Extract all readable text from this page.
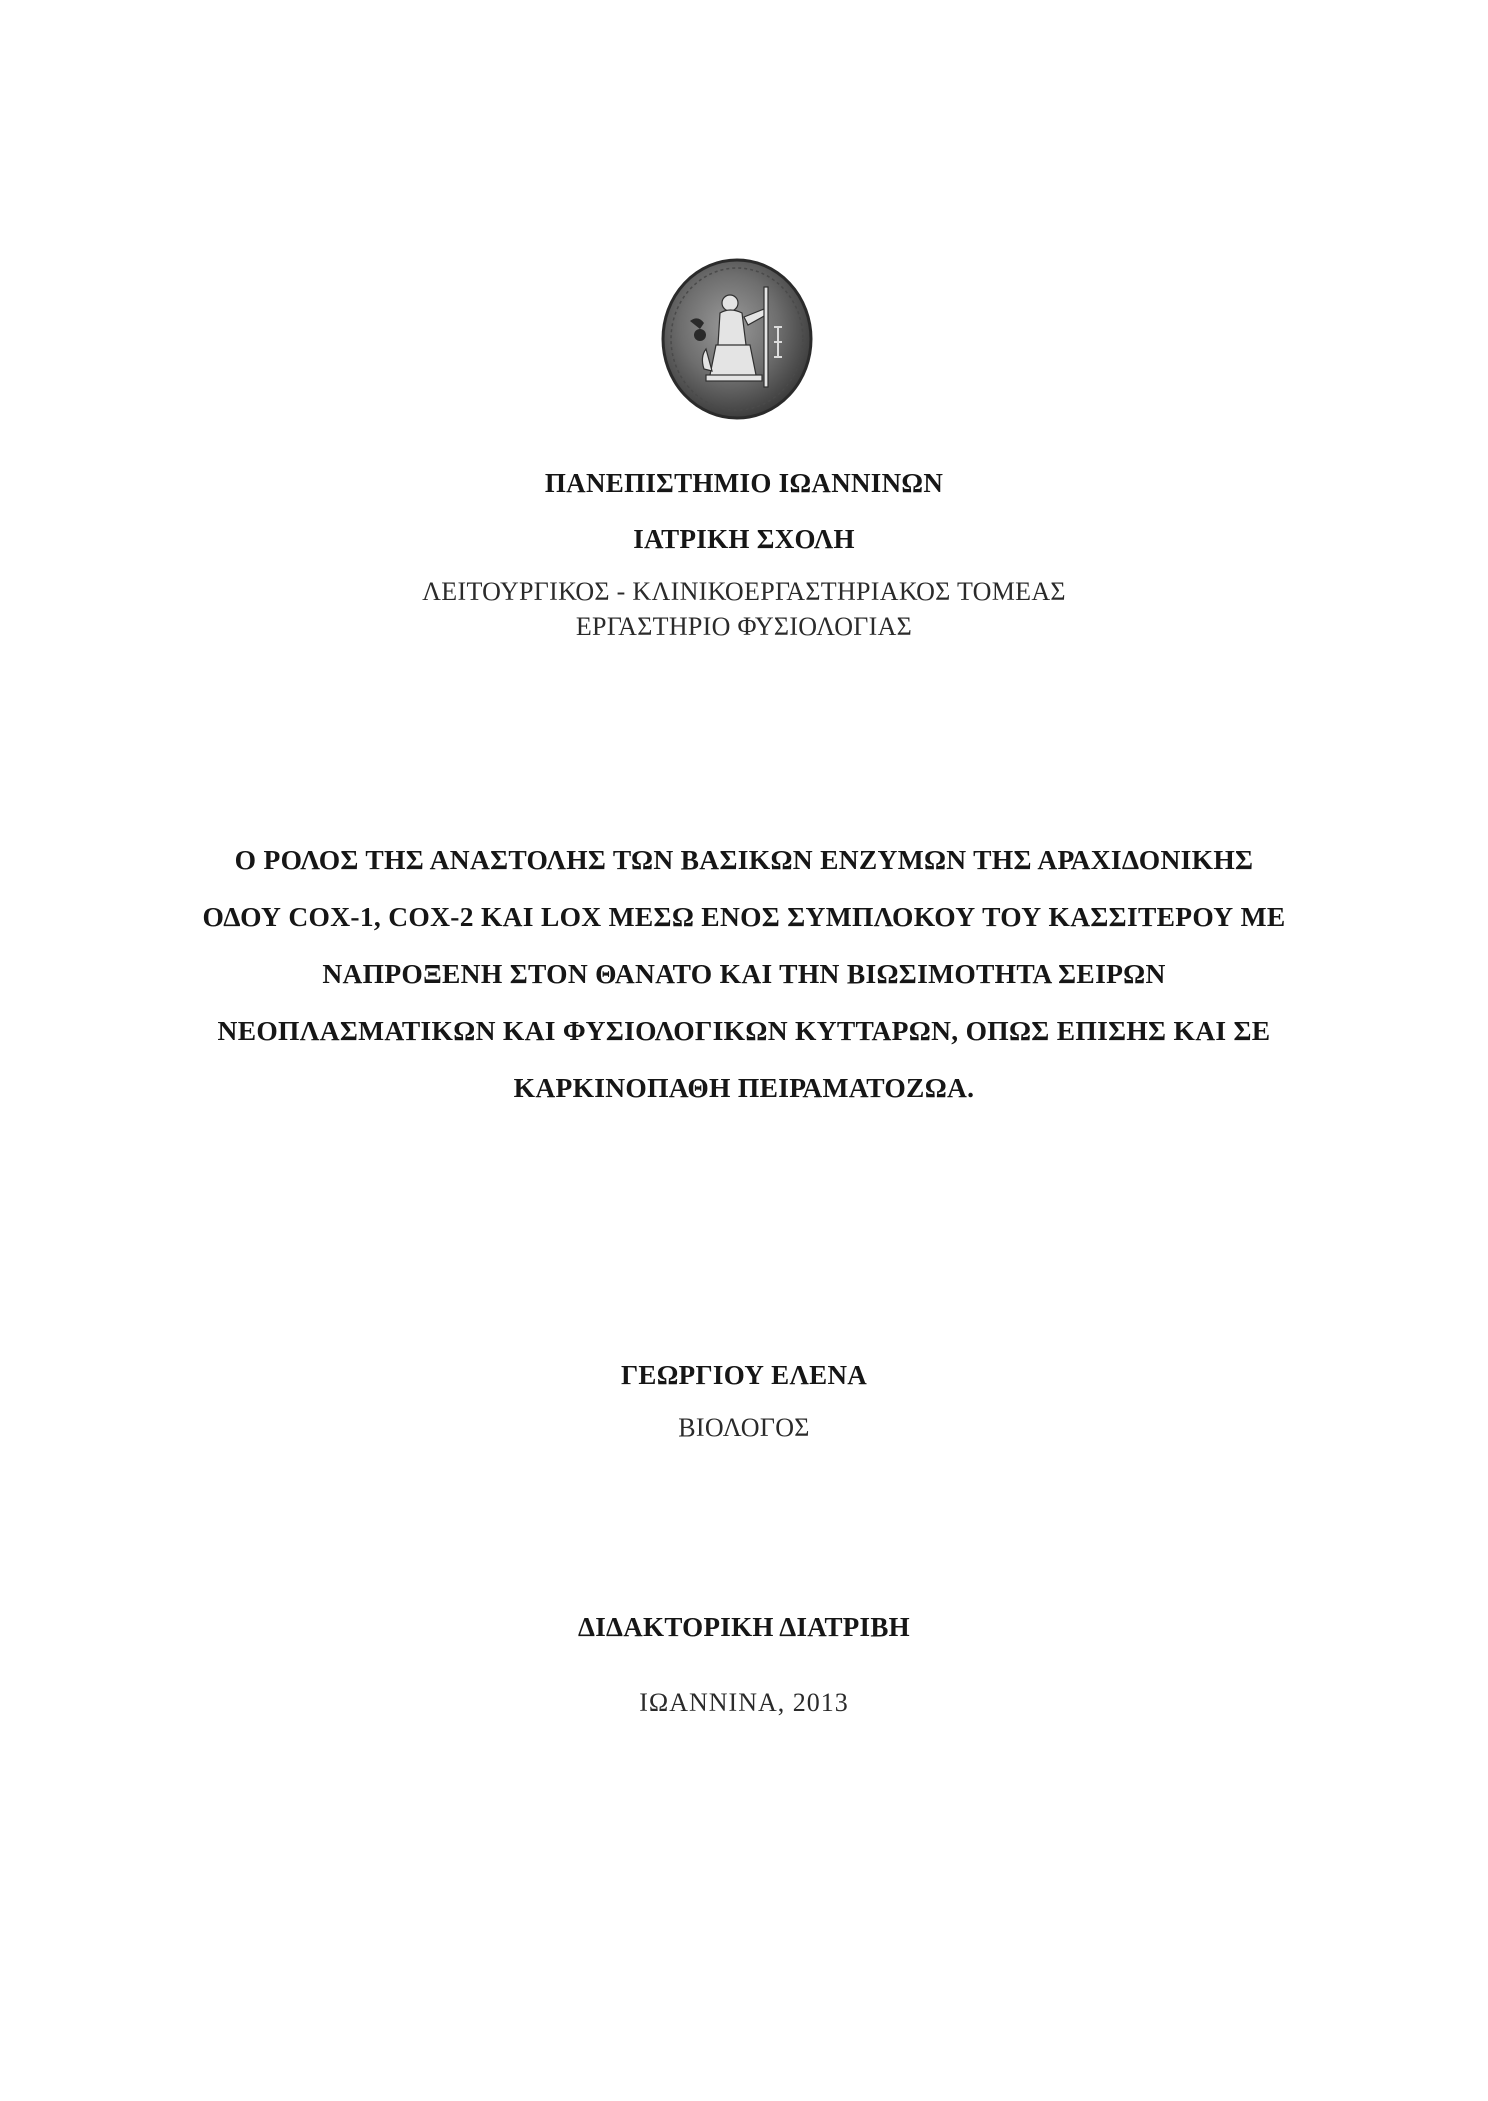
ΠΑΝΕΠΙΣΤΗΜΙΟ ΙΩΑΝΝΙΝΩΝ
ΙΑΤΡΙΚΗ ΣΧΟΛΗ
ΛΕΙΤΟΥΡΓΙΚΟΣ - ΚΛΙΝΙΚΟΕΡΓΑΣΤΗΡΙΑΚΟΣ ΤΟΜΕΑΣ
ΕΡΓΑΣΤΗΡΙΟ ΦΥΣΙΟΛΟΓΙΑΣ
Ο ΡΟΛΟΣ ΤΗΣ ΑΝΑΣΤΟΛΗΣ ΤΩΝ ΒΑΣΙΚΩΝ ΕΝΖΥΜΩΝ ΤΗΣ ΑΡΑΧΙΔΟΝΙΚΗΣ
ΟΔΟΥ COX-1, COX-2 ΚΑΙ LOX ΜΕΣΩ ΕΝΟΣ ΣΥΜΠΛΟΚΟΥ ΤΟΥ ΚΑΣΣΙΤΕΡΟΥ ΜΕ
ΝΑΠΡΟΞΕΝΗ ΣΤΟΝ ΘΑΝΑΤΟ ΚΑΙ ΤΗΝ ΒΙΩΣΙΜΟΤΗΤΑ ΣΕΙΡΩΝ
ΝΕΟΠΛΑΣΜΑΤΙΚΩΝ ΚΑΙ ΦΥΣΙΟΛΟΓΙΚΩΝ ΚΥΤΤΑΡΩΝ, ΟΠΩΣ ΕΠΙΣΗΣ ΚΑΙ ΣΕ
ΚΑΡΚΙΝΟΠΑΘΗ ΠΕΙΡΑΜΑΤΟΖΩΑ.
ΓΕΩΡΓΙΟΥ ΕΛΕΝΑ
ΒΙΟΛΟΓΟΣ
ΔΙΔΑΚΤΟΡΙΚΗ ΔΙΑΤΡΙΒΗ
ΙΩΑΝΝΙΝΑ, 2013
